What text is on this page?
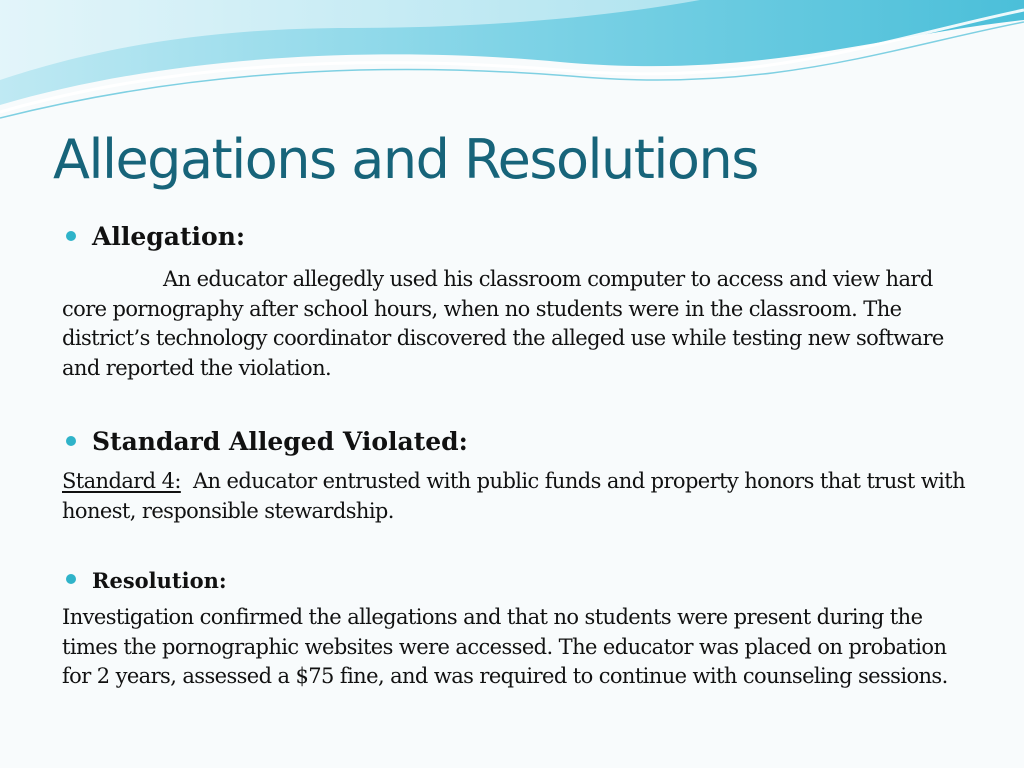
Allegations and Resolutions
Allegation:

An educator allegedly used his classroom computer to access and view hard core pornography after school hours, when no students were in the classroom. The district’s technology coordinator discovered the alleged use while testing new software and reported the violation.

Standard Alleged Violated:

Standard 4: An educator entrusted with public funds and property honors that trust with honest, responsible stewardship.

Resolution:

Investigation confirmed the allegations and that no students were present during the times the pornographic websites were accessed. The educator was placed on probation for 2 years, assessed a $75 fine, and was required to continue with counseling sessions.
